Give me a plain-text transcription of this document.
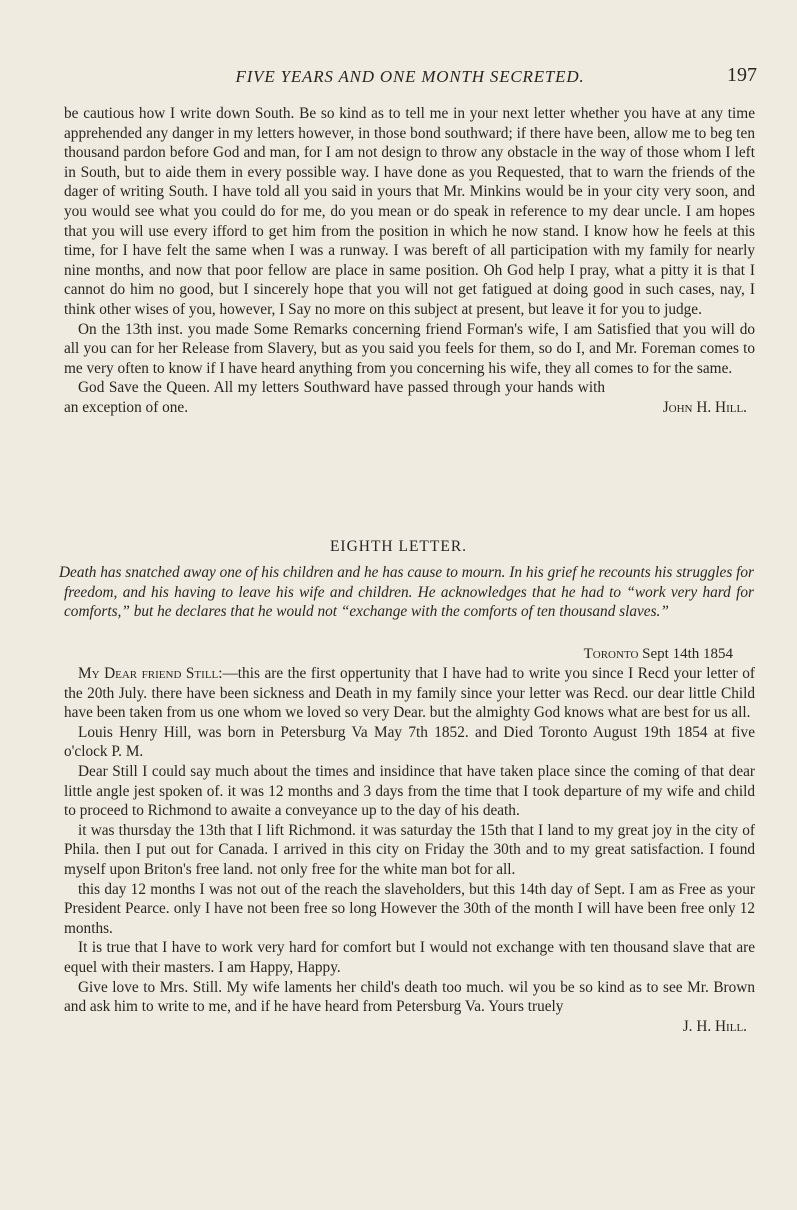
FIVE YEARS AND ONE MONTH SECRETED.	197

be cautious how I write down South. Be so kind as to tell me in your next letter whether you have at any time apprehended any danger in my letters however, in those bond southward; if there have been, allow me to beg ten thousand pardon before God and man, for I am not design to throw any obstacle in the way of those whom I left in South, but to aide them in every possible way. I have done as you Requested, that to warn the friends of the dager of writing South. I have told all you said in yours that Mr. Minkins would be in your city very soon, and you would see what you could do for me, do you mean or do speak in reference to my dear uncle. I am hopes that you will use every ifford to get him from the position in which he now stand. I know how he feels at this time, for I have felt the same when I was a runway. I was bereft of all participation with my family for nearly nine months, and now that poor fellow are place in same position. Oh God help I pray, what a pitty it is that I cannot do him no good, but I sincerely hope that you will not get fatigued at doing good in such cases, nay, I think other wises of you, however, I Say no more on this subject at present, but leave it for you to judge.

On the 13th inst. you made Some Remarks concerning friend Forman's wife, I am Satisfied that you will do all you can for her Release from Slavery, but as you said you feels for them, so do I, and Mr. Foreman comes to me very often to know if I have heard anything from you concerning his wife, they all comes to for the same.

God Save the Queen. All my letters Southward have passed through your hands with an exception of one.	John H. Hill.
EIGHTH LETTER.

Death has snatched away one of his children and he has cause to mourn. In his grief he recounts his struggles for freedom, and his having to leave his wife and children. He acknowledges that he had to “work very hard for comforts,” but he declares that he would not “exchange with the comforts of ten thousand slaves.”

Toronto Sept 14th 1854

My Dear friend Still:—this are the first oppertunity that I have had to write you since I Recd your letter of the 20th July. there have been sickness and Death in my family since your letter was Recd. our dear little Child have been taken from us one whom we loved so very Dear. but the almighty God knows what are best for us all.

Louis Henry Hill, was born in Petersburg Va May 7th 1852. and Died Toronto August 19th 1854 at five o'clock P. M.

Dear Still I could say much about the times and insidince that have taken place since the coming of that dear little angle jest spoken of. it was 12 months and 3 days from the time that I took departure of my wife and child to proceed to Richmond to awaite a conveyance up to the day of his death.

it was thursday the 13th that I lift Richmond. it was saturday the 15th that I land to my great joy in the city of Phila. then I put out for Canada. I arrived in this city on Friday the 30th and to my great satisfaction. I found myself upon Briton's free land. not only free for the white man bot for all.

this day 12 months I was not out of the reach the slaveholders, but this 14th day of Sept. I am as Free as your President Pearce. only I have not been free so long However the 30th of the month I will have been free only 12 months.

It is true that I have to work very hard for comfort but I would not exchange with ten thousand slave that are equel with their masters. I am Happy, Happy.

Give love to Mrs. Still. My wife laments her child's death too much. wil you be so kind as to see Mr. Brown and ask him to write to me, and if he have heard from Petersburg Va. Yours truely

J. H. Hill.
